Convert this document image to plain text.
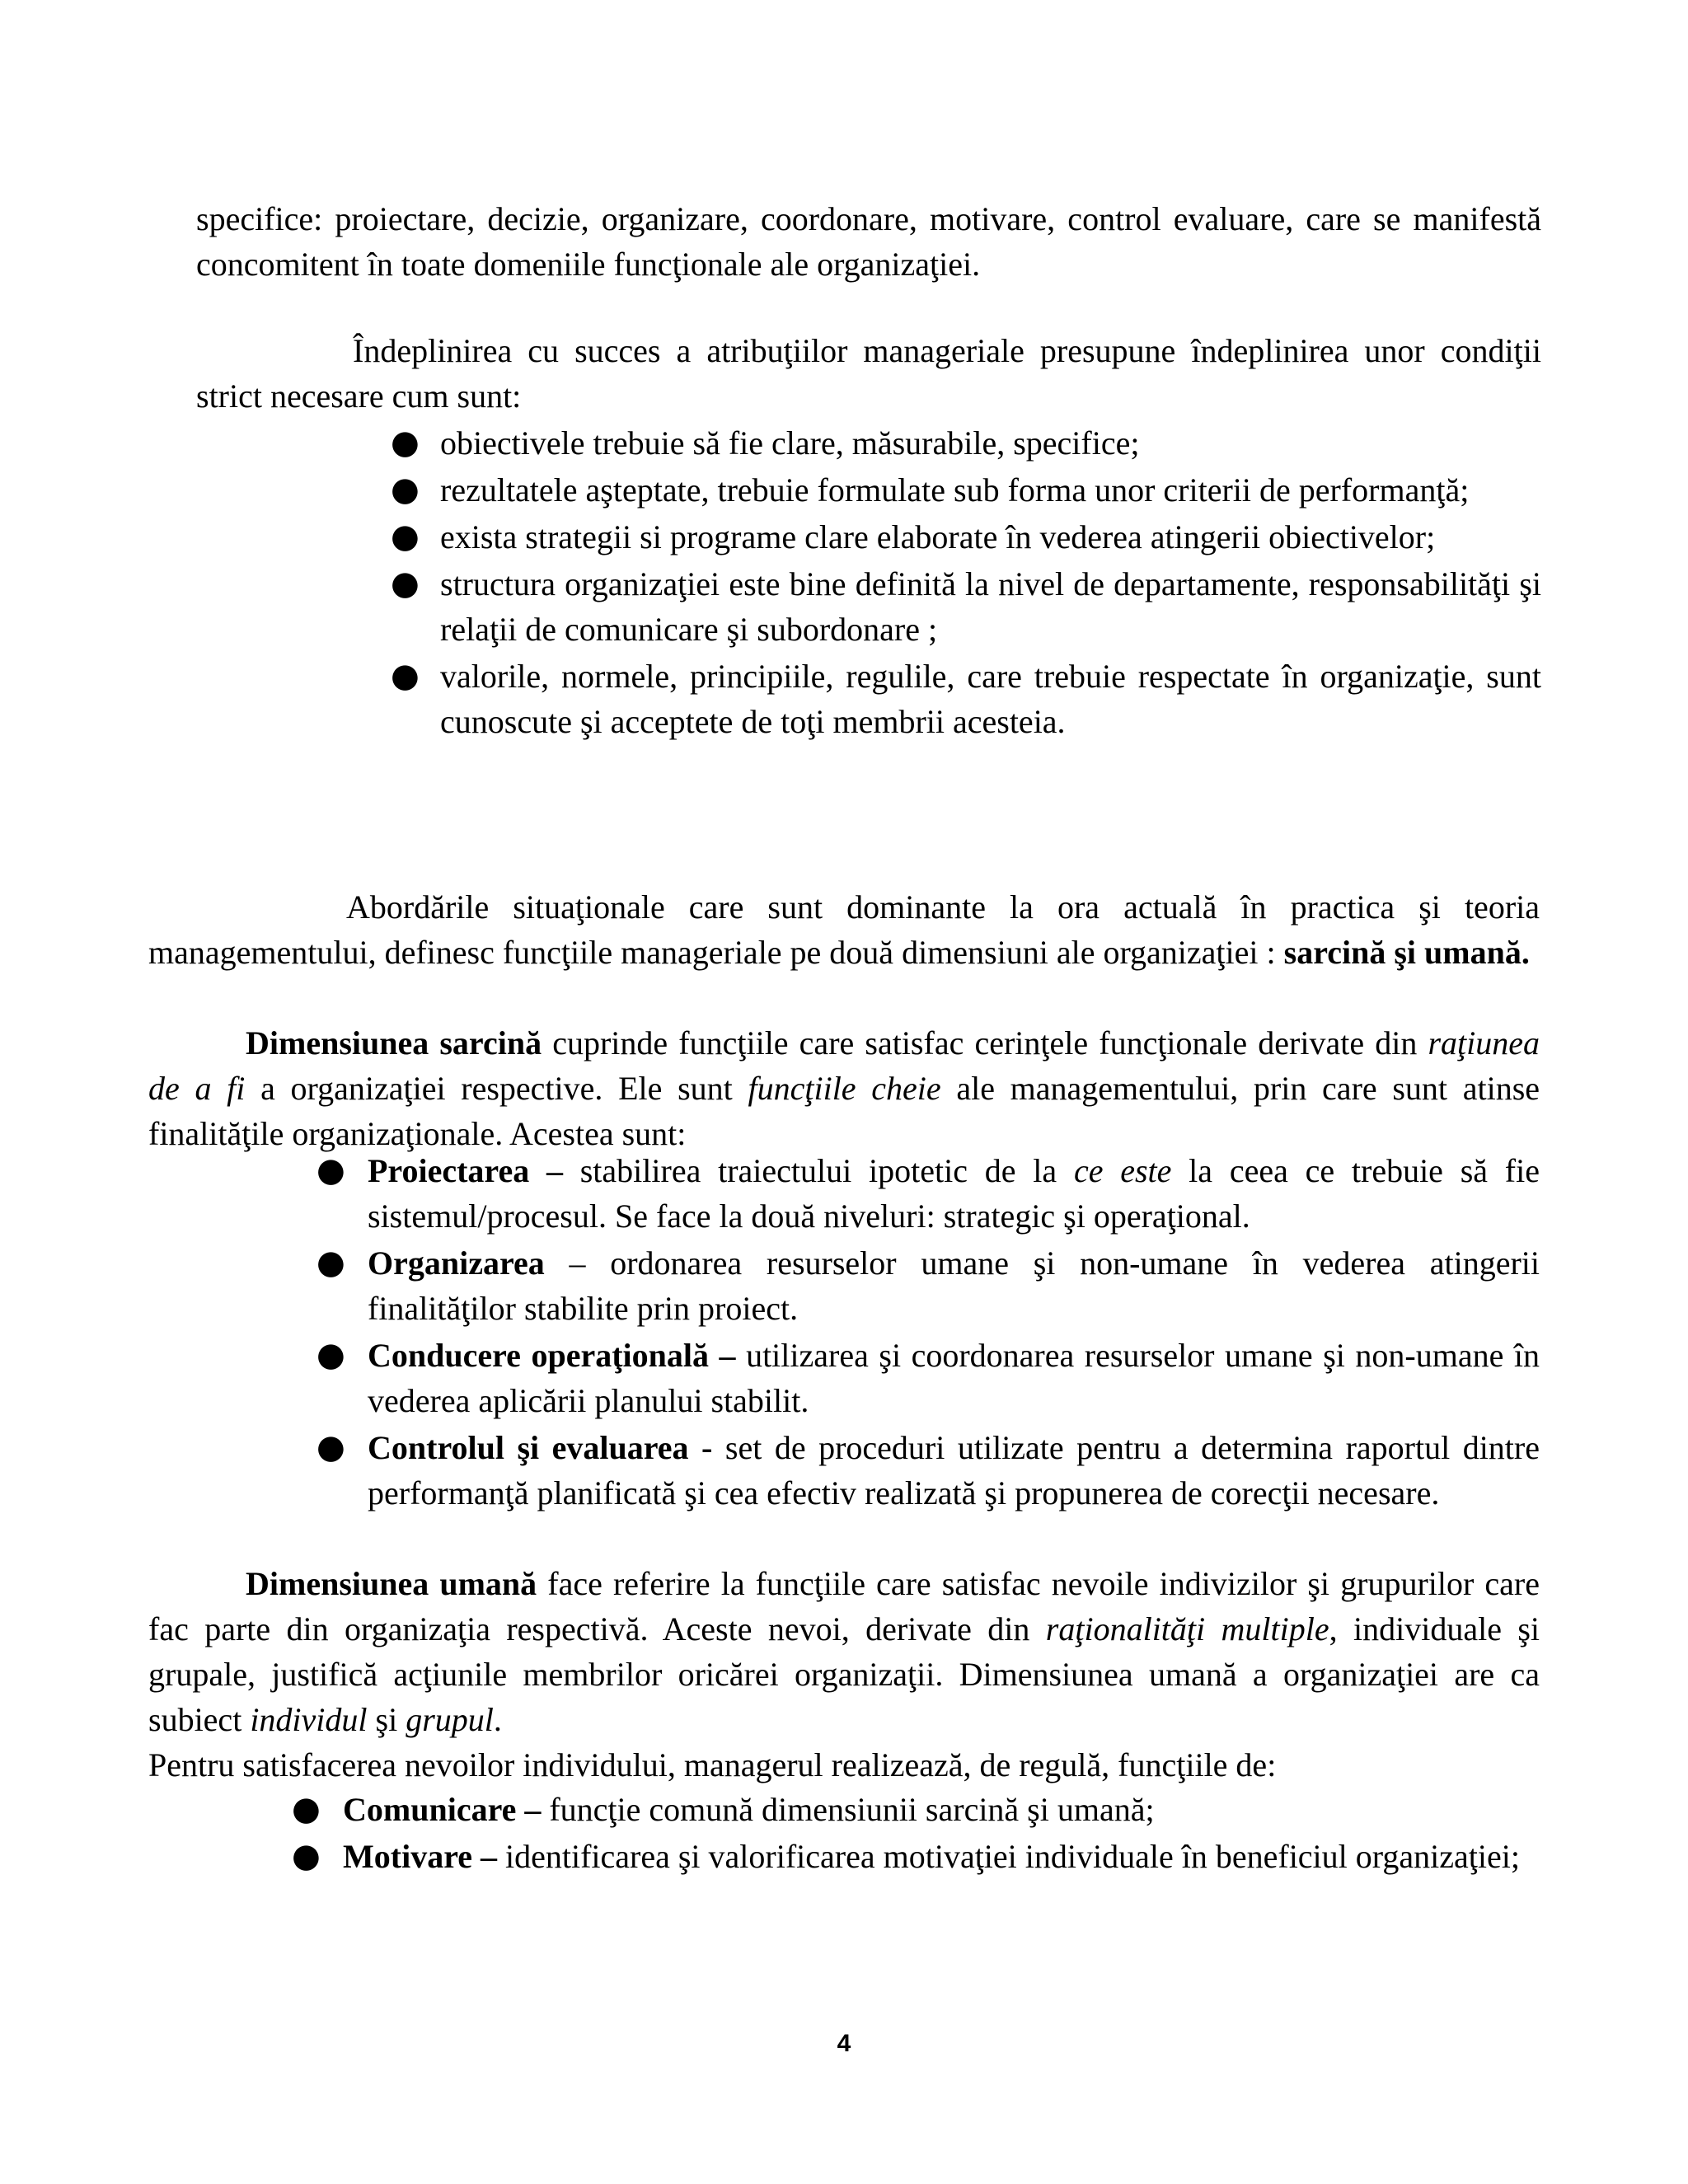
specifice: proiectare, decizie, organizare, coordonare, motivare, control evaluare, care se manifestă concomitent în toate domeniile funcţionale ale organizaţiei.

Îndeplinirea cu succes a atribuţiilor manageriale presupune îndeplinirea unor condiţii strict necesare cum sunt:

● obiectivele trebuie să fie clare, măsurabile, specifice;
● rezultatele aşteptate, trebuie formulate sub forma unor criterii de performanţă;
● exista strategii si programe clare elaborate în vederea atingerii obiectivelor;
● structura organizaţiei este bine definită la nivel de departamente, responsabilităţi şi relaţii de comunicare şi subordonare ;
● valorile, normele, principiile, regulile, care trebuie respectate în organizaţie, sunt cunoscute şi acceptete de toţi membrii acesteia.

Abordările situaţionale care sunt dominante la ora actuală în practica şi teoria managementului, definesc funcţiile manageriale pe două dimensiuni ale organizaţiei : sarcină şi umană.

Dimensiunea sarcină cuprinde funcţiile care satisfac cerinţele funcţionale derivate din raţiunea de a fi a organizaţiei respective. Ele sunt funcţiile cheie ale managementului, prin care sunt atinse finalităţile organizaţionale. Acestea sunt:

● Proiectarea – stabilirea traiectului ipotetic de la ce este la ceea ce trebuie să fie sistemul/procesul. Se face la două niveluri: strategic şi operaţional.
● Organizarea – ordonarea resurselor umane şi non-umane în vederea atingerii finalităţilor stabilite prin proiect.
● Conducere operaţională – utilizarea şi coordonarea resurselor umane şi non-umane în vederea aplicării planului stabilit.
● Controlul şi evaluarea - set de proceduri utilizate pentru a determina raportul dintre performanţă planificată şi cea efectiv realizată şi propunerea de corecţii necesare.

Dimensiunea umană face referire la funcţiile care satisfac nevoile indivizilor şi grupurilor care fac parte din organizaţia respectivă. Aceste nevoi, derivate din raţionalităţi multiple, individuale şi grupale, justifică acţiunile membrilor oricărei organizaţii. Dimensiunea umană a organizaţiei are ca subiect individul şi grupul.

Pentru satisfacerea nevoilor individului, managerul realizează, de regulă, funcţiile de:

● Comunicare – funcţie comună dimensiunii sarcină şi umană;
● Motivare – identificarea şi valorificarea motivaţiei individuale în beneficiul organizaţiei;
4
